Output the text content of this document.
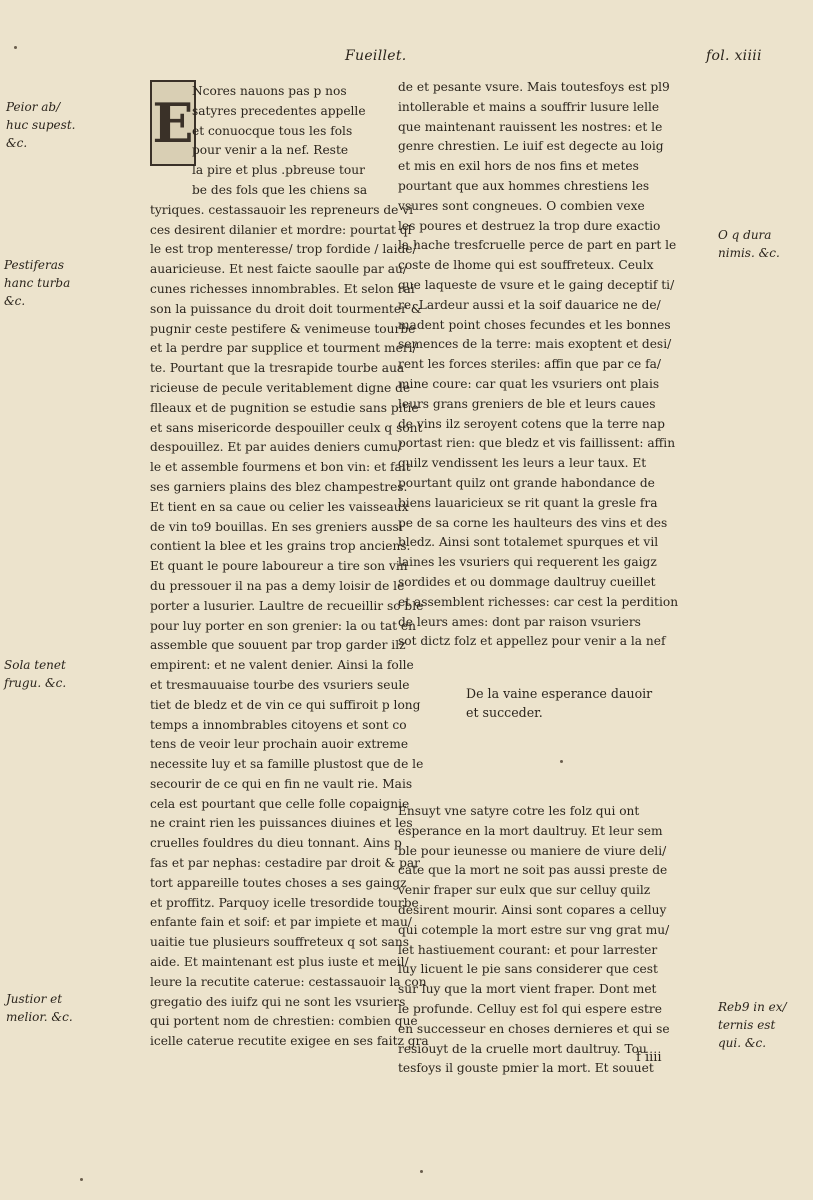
Fueillet.	fol. xiiii
E
Ncores nauons pas p nos
satyres precedentes appelle
et conuocque tous les fols
pour venir a la nef. Reste
la pire et plus .pbreuse tour
be des fols que les chiens sa
tyriques. cestassauoir les repreneurs de vi
ces desirent dilanier et mordre: pourtat ql
le est trop menteresse/ trop fordide / laide/
auaricieuse. Et nest faicte saoulle par au/
cunes richesses innombrables. Et selon rai
son la puissance du droit doit tourmenter &
pugnir ceste pestifere & venimeuse tourbe
et la perdre par supplice et tourment meri/
te. Pourtant que la tresrapide tourbe aua
ricieuse de pecule veritablement digne de
flleaux et de pugnition se estudie sans pitie
et sans misericorde despouiller ceulx q sont
despouillez. Et par auides deniers cumu/
le et assemble fourmens et bon vin: et fait
ses garniers plains des blez champestres.
Et tient en sa caue ou celier les vaisseaux
de vin to9 bouillas. En ses greniers aussi
contient la blee et les grains trop anciens.
Et quant le poure laboureur a tire son vin
du pressouer il na pas a demy loisir de le
porter a lusurier. Laultre de recueillir so ble
pour luy porter en son grenier: la ou tat en
assemble que souuent par trop garder ilz
empirent: et ne valent denier. Ainsi la folle
et tresmauuaise tourbe des vsuriers seule
tiet de bledz et de vin ce qui suffiroit p long
temps a innombrables citoyens et sont co
tens de veoir leur prochain auoir extreme
necessite luy et sa famille plustost que de le
secourir de ce qui en fin ne vault rie. Mais
cela est pourtant que celle folle copaignie
ne craint rien les puissances diuines et les
cruelles fouldres du dieu tonnant. Ains p
fas et par nephas: cestadire par droit & par
tort appareille toutes choses a ses gaingz
et proffitz. Parquoy icelle tresordide tourbe
enfante fain et soif: et par impiete et mau/
uaitie tue plusieurs souffreteux q sot sans
aide. Et maintenant est plus iuste et meil/
leure la recutite caterue: cestassauoir la con
gregatio des iuifz qui ne sont les vsuriers
qui portent nom de chrestien: combien que
icelle caterue recutite exigee en ses faitz gra
de et pesante vsure. Mais toutesfoys est pl9
intollerable et mains a souffrir lusure lelle
que maintenant rauissent les nostres: et le
genre chrestien. Le iuif est degecte au loig
et mis en exil hors de nos fins et metes
pourtant que aux hommes chrestiens les
vsures sont congneues. O combien vexe
les poures et destruez la trop dure exactio
la hache tresfcruelle perce de part en part le
coste de lhome qui est souffreteux. Ceulx
que laqueste de vsure et le gaing deceptif ti/
re. Lardeur aussi et la soif dauarice ne de/
madent point choses fecundes et les bonnes
semences de la terre: mais exoptent et desi/
rent les forces steriles: affin que par ce fa/
mine coure: car quat les vsuriers ont plais
leurs grans greniers de ble et leurs caues
de vins ilz seroyent cotens que la terre nap
portast rien: que bledz et vis faillissent: affin
quilz vendissent les leurs a leur taux. Et
pourtant quilz ont grande habondance de
biens lauaricieux se rit quant la gresle fra
pe de sa corne les haulteurs des vins et des
bledz. Ainsi sont totalemet spurques et vil
laines les vsuriers qui requerent les gaigz
sordides et ou dommage daultruy cueillet
et assemblent richesses: car cest la perdition
de leurs ames: dont par raison vsuriers
sot dictz folz et appellez pour venir a la nef
De la vaine esperance dauoir
et succeder.
Ensuyt vne satyre cotre les folz qui ont
esperance en la mort daultruy. Et leur sem
ble pour ieunesse ou maniere de viure deli/
cate que la mort ne soit pas aussi preste de
venir fraper sur eulx que sur celluy quilz
desirent mourir. Ainsi sont copares a celluy
qui cotemple la mort estre sur vng grat mu/
let hastiuement courant: et pour larrester
luy licuent le pie sans considerer que cest
sur luy que la mort vient fraper. Dont met
le profunde. Celluy est fol qui espere estre
en successeur en choses dernieres et qui se
resiouyt de la cruelle mort daultruy. Tou
tesfoys il gouste pmier la mort. Et souuet
Peior ab/
huc supest.
&c.
Pestiferas
hanc turba
&c.
O q dura
nimis. &c.
Sola tenet
frugu. &c.
Justior et
melior. &c.
Reb9 in ex/
ternis est
qui. &c.
f iiii
